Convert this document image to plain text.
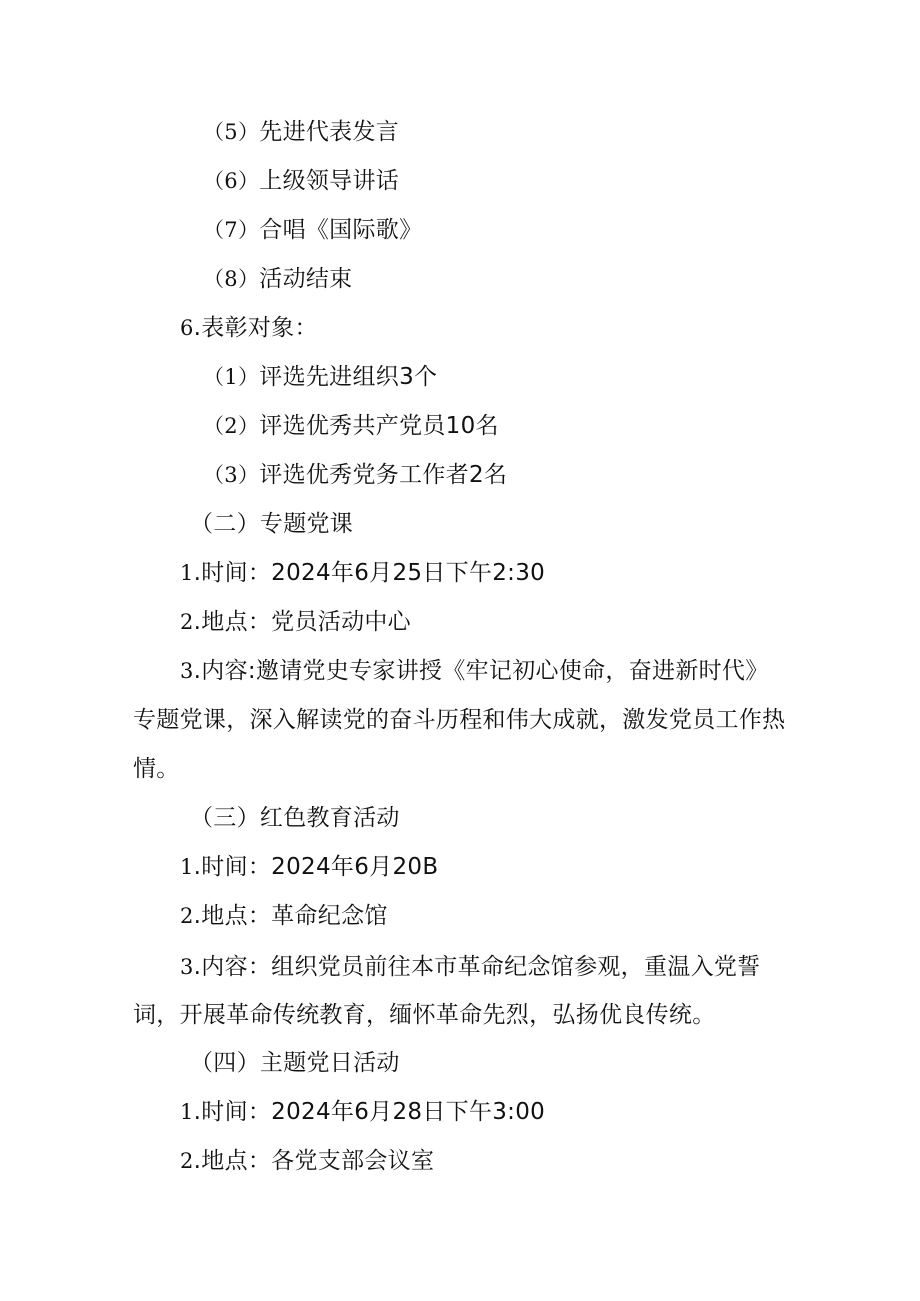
（5）先进代表发言
（6）上级领导讲话
（7）合唱《国际歌》
（8）活动结束
6.表彰对象：
（1）评选先进组织3个
（2）评选优秀共产党员10名
（3）评选优秀党务工作者2名
（二）专题党课
1.时间：2024年6月25日下午2:30
2.地点：党员活动中心
3.内容:邀请党史专家讲授《牢记初心使命，奋进新时代》
专题党课，深入解读党的奋斗历程和伟大成就，激发党员工作热
情。
（三）红色教育活动
1.时间：2024年6月20B
2.地点：革命纪念馆
3.内容：组织党员前往本市革命纪念馆参观，重温入党誓
词，开展革命传统教育，缅怀革命先烈，弘扬优良传统。
（四）主题党日活动
1.时间：2024年6月28日下午3:00
2.地点：各党支部会议室
